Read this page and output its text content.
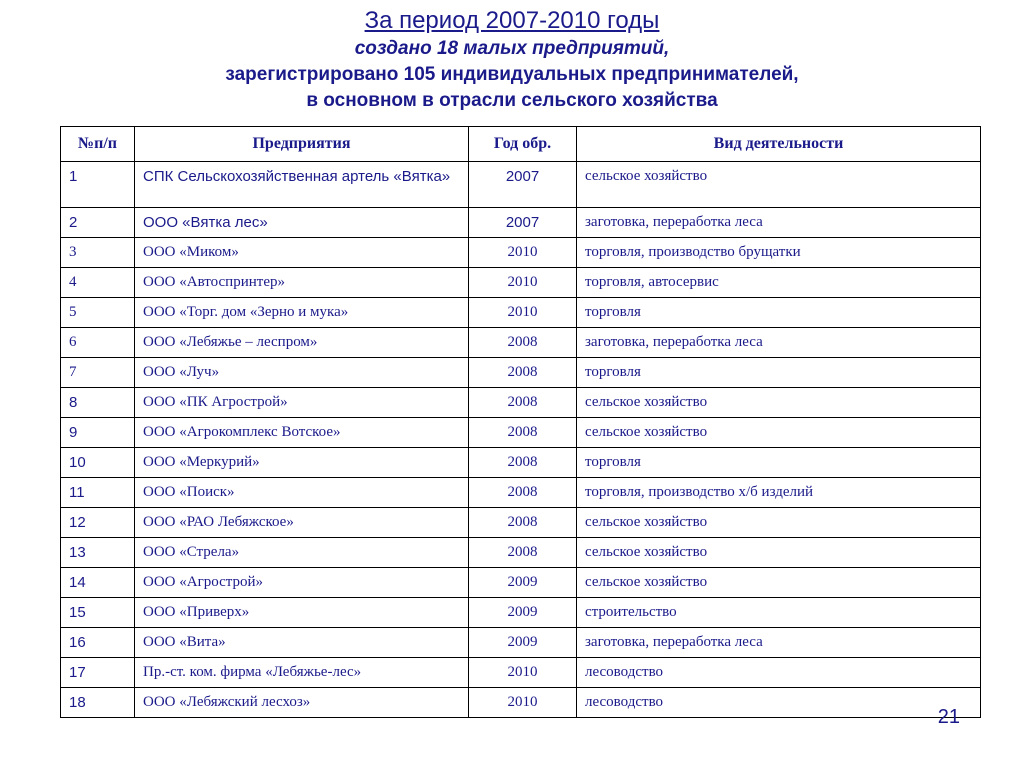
За период 2007-2010 годы

создано 18 малых предприятий,

зарегистрировано 105 индивидуальных предпринимателей,

в основном в отрасли сельского хозяйства

№п/п	Предприятия	Год обр.	Вид деятельности
1	СПК Сельскохозяйственная артель «Вятка»	2007	сельское хозяйство
2	ООО «Вятка лес»	2007	заготовка, переработка леса
3	ООО «Миком»	2010	торговля, производство брущатки
4	ООО «Автоспринтер»	2010	торговля, автосервис
5	ООО «Торг. дом «Зерно и мука»	2010	торговля
6	ООО «Лебяжье – леспром»	2008	заготовка, переработка леса
7	ООО «Луч»	2008	торговля
8	ООО «ПК Агрострой»	2008	сельское хозяйство
9	ООО «Агрокомплекс Вотское»	2008	сельское хозяйство
10	ООО «Меркурий»	2008	торговля
11	ООО «Поиск»	2008	торговля, производство х/б изделий
12	ООО «РАО Лебяжское»	2008	сельское хозяйство
13	ООО «Стрела»	2008	сельское хозяйство
14	ООО «Агрострой»	2009	сельское хозяйство
15	ООО «Приверх»	2009	строительство
16	ООО «Вита»	2009	заготовка, переработка леса
17	Пр.-ст. ком. фирма «Лебяжье-лес»	2010	лесоводство
18	ООО «Лебяжский лесхоз»	2010	лесоводство
21
